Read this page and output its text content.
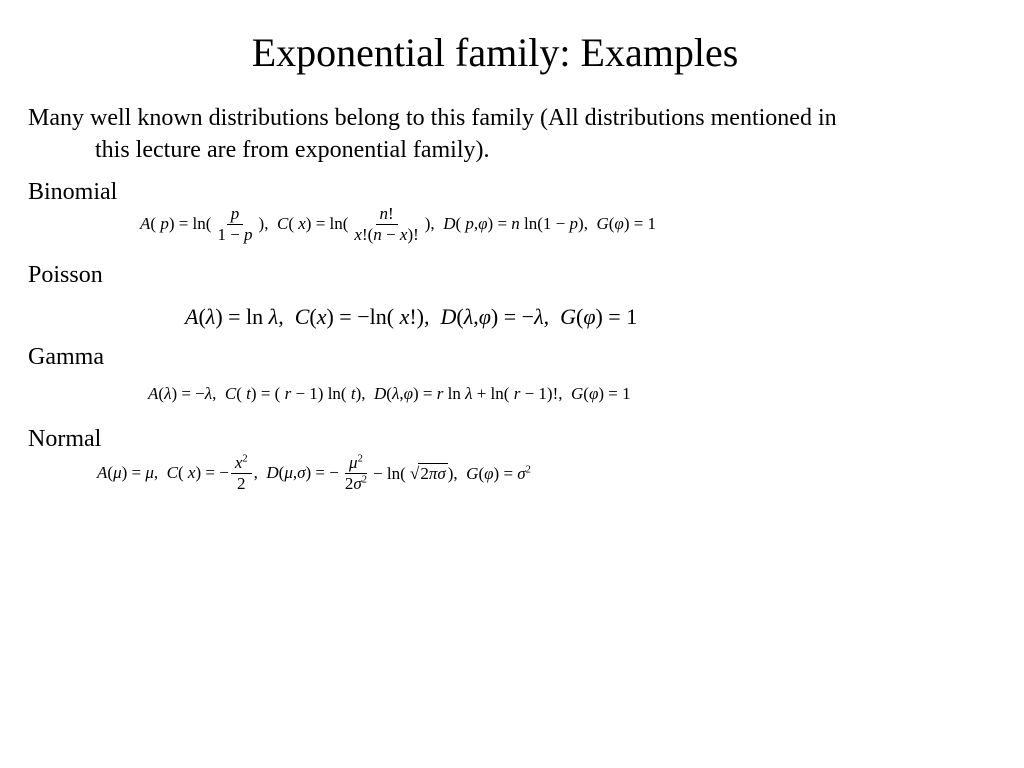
Exponential family: Examples
Many well known distributions belong to this family (All distributions mentioned in
this lecture are from exponential family).
Binomial
A( $p) = \ln( \frac{p}{1 - p}$ ),  C( $x) = \ln( \frac{n!}{x!(n - x)!}$ ),  D( p,φ) = n ln(1 − p),  G(φ) = 1
Poisson
A(λ) = ln λ,  C(x) = −ln( x!),  D(λ,φ) = −λ,  G(φ) = 1
Gamma
A(λ) = −λ,  C( t) = ( r − 1) ln( t),  D(λ,φ) = r ln λ + ln( r − 1)!,  G(φ) = 1
Normal
A(μ) = μ,  C( x) = − $\frac{x^2}{2}$ ,  D(μ,σ) = − $\frac{\mu^2}{2\sigma^2} - \ln$( √2πσ ),  $G(\varphi) = \sigma^2$
